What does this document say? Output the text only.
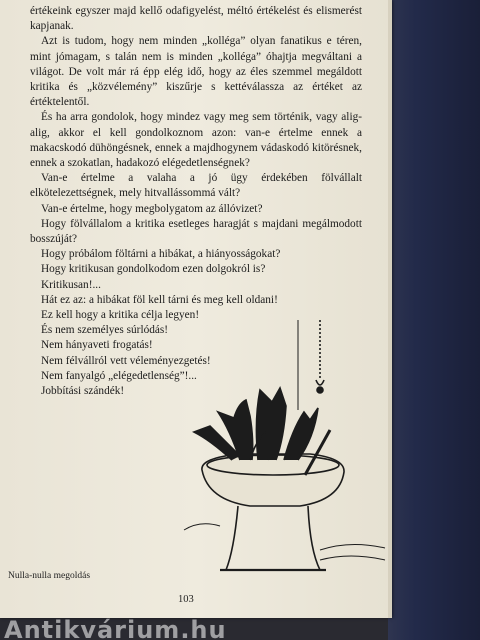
értékeink egyszer majd kellő odafigyelést, méltó értékelést és elismerést kapjanak.

Azt is tudom, hogy nem minden „kolléga” olyan fanatikus e téren, mint jómagam, s talán nem is minden „kolléga” óhajtja megváltani a világot. De volt már rá épp elég idő, hogy az éles szemmel megáldott kritika és „közvélemény” kiszűrje s kettéválassza az értéket az értéktelentől.

És ha arra gondolok, hogy mindez vagy meg sem történik, vagy alig-alig, akkor el kell gondolkoznom azon: van-e értelme ennek a makacskodó dühöngésnek, ennek a majdhogynem vádaskodó kitörésnek, ennek a szokatlan, hadakozó elégedetlenségnek?

Van-e értelme a valaha a jó ügy érdekében fölvállalt elkötelezettségnek, mely hitvallássommá vált?

Van-e értelme, hogy megbolygatom az állóvizet?

Hogy fölvállalom a kritika esetleges haragját s majdani megálmodott bosszúját?

Hogy próbálom föltárni a hibákat, a hiányosságokat?

Hogy kritikusan gondolkodom ezen dolgokról is?

Kritikusan!...

Hát ez az: a hibákat föl kell tárni és meg kell oldani!

Ez kell hogy a kritika célja legyen!

És nem személyes súrlódás!

Nem hányaveti frogatás!

Nem félvállról vett véleményezgetés!

Nem fanyalgó „elégedetlenség”!...

Jobbítási szándék!

Nulla-nulla megoldás
103
Antikvárium.hu
